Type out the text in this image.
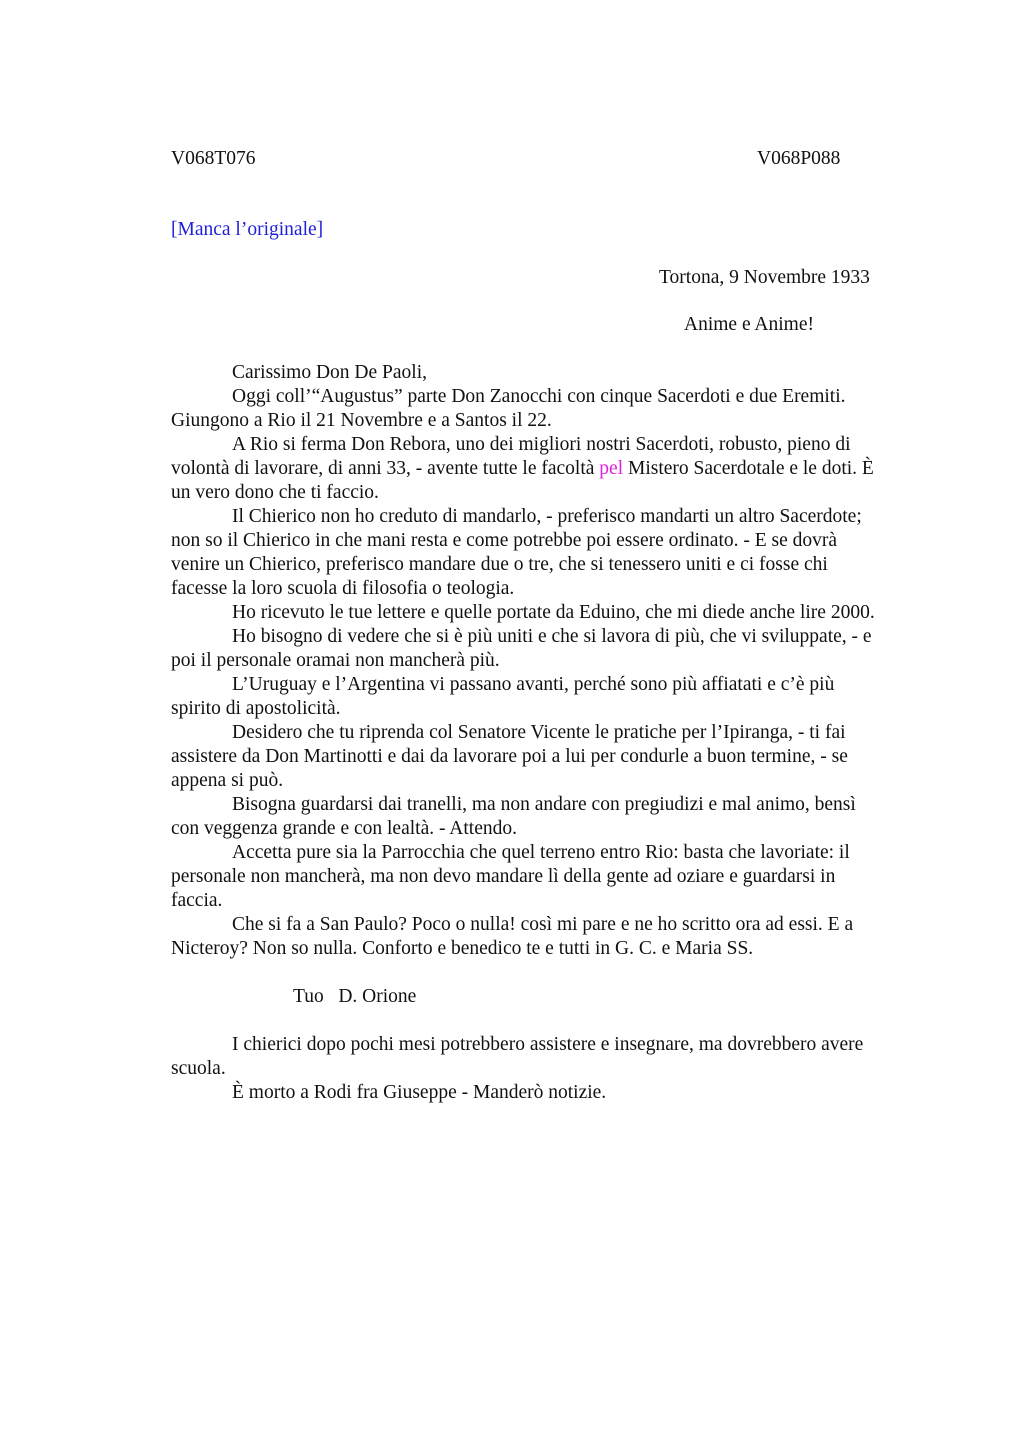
V068T076	V068P088
[Manca l’originale]
Tortona, 9 Novembre 1933
Anime e Anime!
Carissimo Don De Paoli,
Oggi coll’“Augustus” parte Don Zanocchi con cinque Sacerdoti e due Eremiti.
Giungono a Rio il 21 Novembre e a Santos il 22.
A Rio si ferma Don Rebora, uno dei migliori nostri Sacerdoti, robusto, pieno di
volontà di lavorare, di anni 33, - avente tutte le facoltà pel Mistero Sacerdotale e le doti. È
un vero dono che ti faccio.
Il Chierico non ho creduto di mandarlo, - preferisco mandarti un altro Sacerdote;
non so il Chierico in che mani resta e come potrebbe poi essere ordinato. - E se dovrà
venire un Chierico, preferisco mandare due o tre, che si tenessero uniti e ci fosse chi
facesse la loro scuola di filosofia o teologia.
Ho ricevuto le tue lettere e quelle portate da Eduino, che mi diede anche lire 2000.
Ho bisogno di vedere che si è più uniti e che si lavora di più, che vi sviluppate, - e
poi il personale oramai non mancherà più.
L’Uruguay e l’Argentina vi passano avanti, perché sono più affiatati e c’è più
spirito di apostolicità.
Desidero che tu riprenda col Senatore Vicente le pratiche per l’Ipiranga, - ti fai
assistere da Don Martinotti e dai da lavorare poi a lui per condurle a buon termine, - se
appena si può.
Bisogna guardarsi dai tranelli, ma non andare con pregiudizi e mal animo, bensì
con veggenza grande e con lealtà. - Attendo.
Accetta pure sia la Parrocchia che quel terreno entro Rio: basta che lavoriate: il
personale non mancherà, ma non devo mandare lì della gente ad oziare e guardarsi in
faccia.
Che si fa a San Paulo? Poco o nulla! così mi pare e ne ho scritto ora ad essi. E a
Nicteroy? Non so nulla. Conforto e benedico te e tutti in G. C. e Maria SS.
Tuo   D. Orione
I chierici dopo pochi mesi potrebbero assistere e insegnare, ma dovrebbero avere
scuola.
È morto a Rodi fra Giuseppe - Manderò notizie.
